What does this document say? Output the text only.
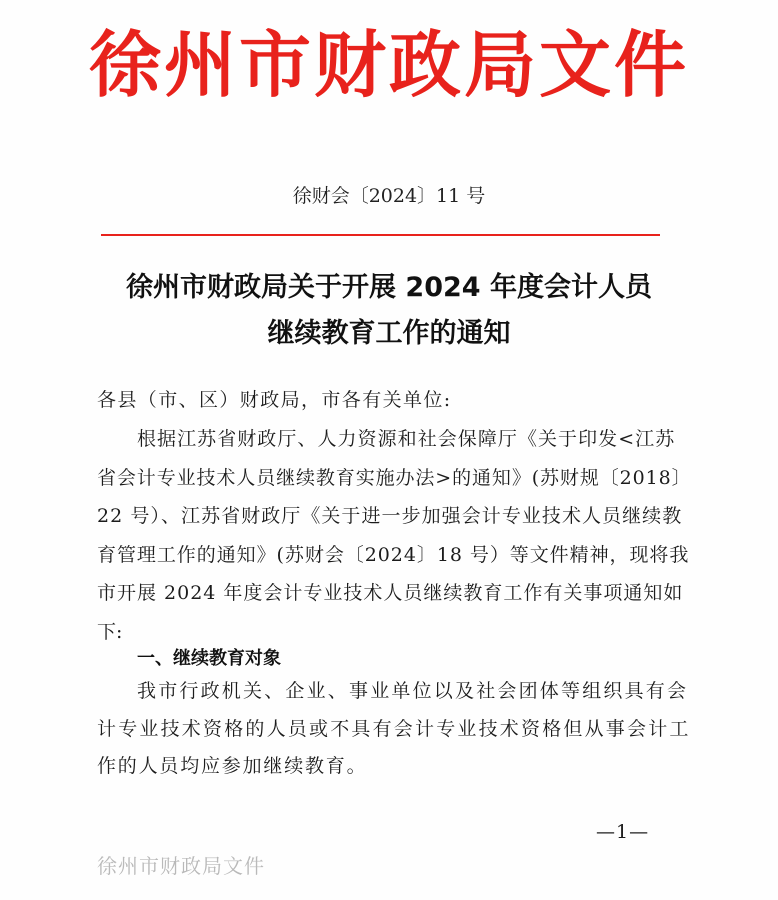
徐州市财政局文件
徐财会〔2024〕11 号
徐州市财政局关于开展 2024 年度会计人员
继续教育工作的通知
各县（市、区）财政局，市各有关单位:
根据江苏省财政厅、人力资源和社会保障厅《关于印发<江苏
省会计专业技术人员继续教育实施办法>的通知》(苏财规〔2018〕
22 号）、江苏省财政厅《关于进一步加强会计专业技术人员继续教
育管理工作的通知》(苏财会〔2024〕18 号）等文件精神，现将我
市开展 2024 年度会计专业技术人员继续教育工作有关事项通知如
下:
一、继续教育对象
我市行政机关、企业、事业单位以及社会团体等组织具有会
计专业技术资格的人员或不具有会计专业技术资格但从事会计工
作的人员均应参加继续教育。
—1—
徐州市财政局文件
